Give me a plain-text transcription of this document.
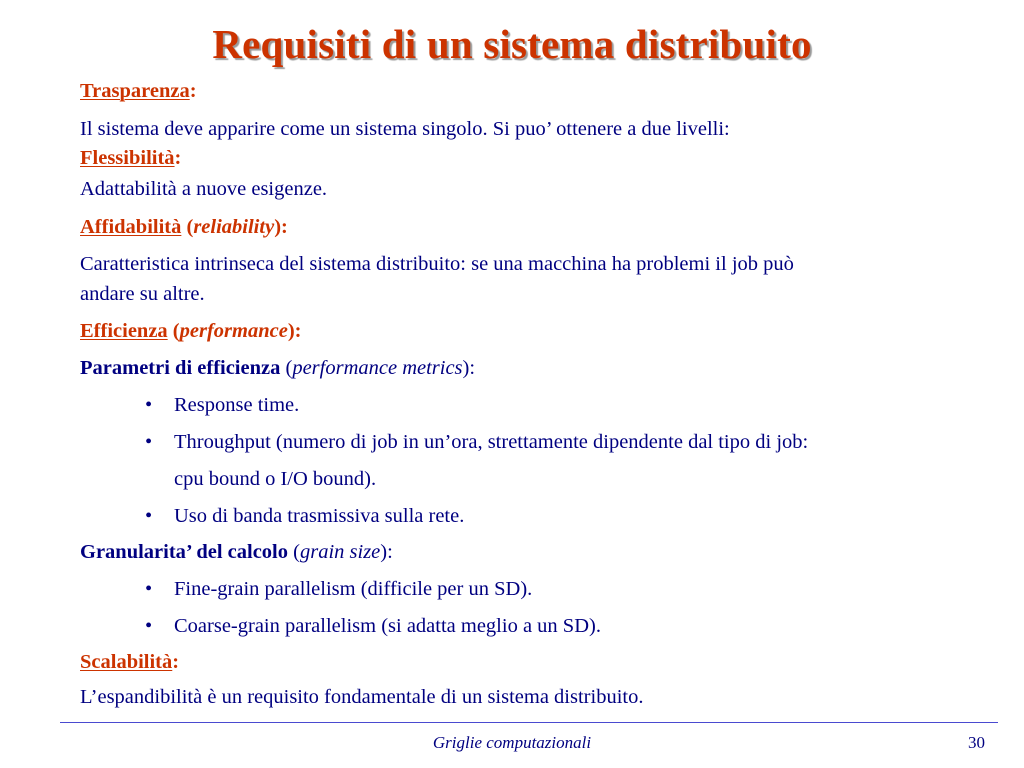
Requisiti di un sistema distribuito
Trasparenza:
Il sistema deve apparire come un sistema singolo. Si puo’ ottenere a due livelli:
Flessibilità:
Adattabilità a nuove esigenze.
Affidabilità (reliability):
Caratteristica intrinseca del sistema distribuito: se una macchina ha problemi il job può
andare su altre.
Efficienza (performance):
Parametri di efficienza (performance metrics):
• Response time.
• Throughput (numero di job in un’ora, strettamente dipendente dal tipo di job:
cpu bound o I/O bound).
• Uso di banda trasmissiva sulla rete.
Granularita’ del calcolo (grain size):
• Fine-grain parallelism (difficile per un SD).
• Coarse-grain parallelism (si adatta meglio a un SD).
Scalabilità:
L’espandibilità è un requisito fondamentale di un sistema distribuito.
Griglie computazionali	30
